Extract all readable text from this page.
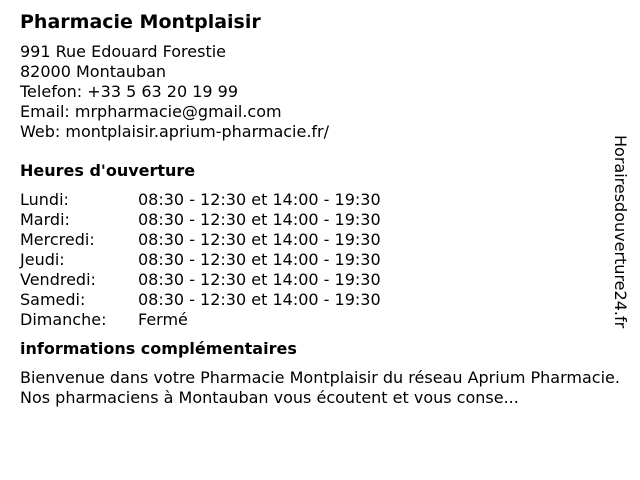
Pharmacie Montplaisir
991 Rue Edouard Forestie
82000 Montauban
Telefon: +33 5 63 20 19 99
Email: mrpharmacie@gmail.com
Web: montplaisir.aprium-pharmacie.fr/
Heures d'ouverture
Lundi:	08:30 - 12:30 et 14:00 - 19:30
Mardi:	08:30 - 12:30 et 14:00 - 19:30
Mercredi:	08:30 - 12:30 et 14:00 - 19:30
Jeudi:	08:30 - 12:30 et 14:00 - 19:30
Vendredi:	08:30 - 12:30 et 14:00 - 19:30
Samedi:	08:30 - 12:30 et 14:00 - 19:30
Dimanche:	Fermé
informations complémentaires
Bienvenue dans votre Pharmacie Montplaisir du réseau Aprium Pharmacie. Nos pharmaciens à Montauban vous écoutent et vous conse...
Horairesdouverture24.fr
